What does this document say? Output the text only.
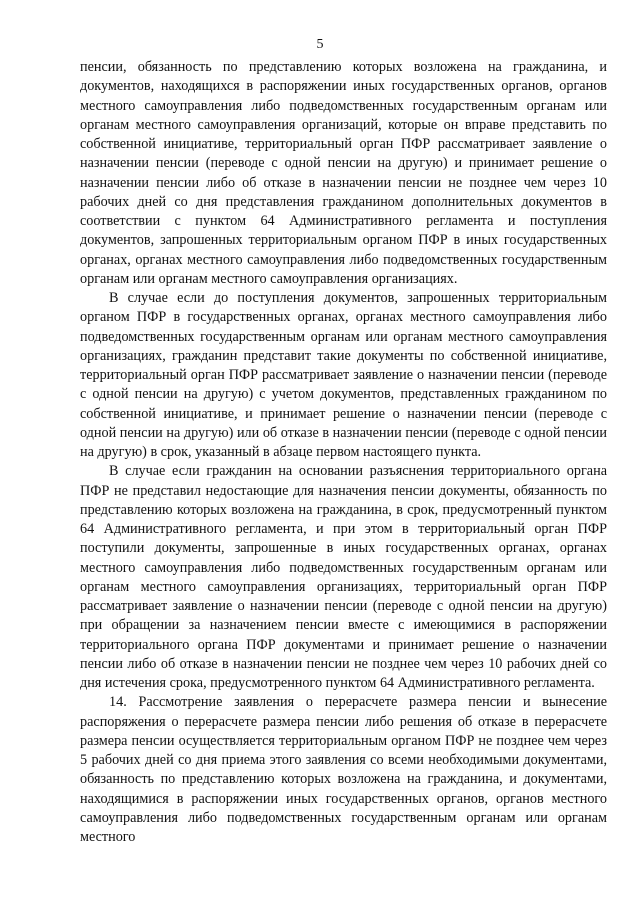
5

пенсии, обязанность по представлению которых возложена на гражданина, и документов, находящихся в распоряжении иных государственных органов, органов местного самоуправления либо подведомственных государственным органам или органам местного самоуправления организаций, которые он вправе представить по собственной инициативе, территориальный орган ПФР рассматривает заявление о назначении пенсии (переводе с одной пенсии на другую) и принимает решение о назначении пенсии либо об отказе в назначении пенсии не позднее чем через 10 рабочих дней со дня представления гражданином дополнительных документов в соответствии с пунктом 64 Административного регламента и поступления документов, запрошенных территориальным органом ПФР в иных государственных органах, органах местного самоуправления либо подведомственных государственным органам или органам местного самоуправления организациях.

В случае если до поступления документов, запрошенных территориальным органом ПФР в государственных органах, органах местного самоуправления либо подведомственных государственным органам или органам местного самоуправления организациях, гражданин представит такие документы по собственной инициативе, территориальный орган ПФР рассматривает заявление о назначении пенсии (переводе с одной пенсии на другую) с учетом документов, представленных гражданином по собственной инициативе, и принимает решение о назначении пенсии (переводе с одной пенсии на другую) или об отказе в назначении пенсии (переводе с одной пенсии на другую) в срок, указанный в абзаце первом настоящего пункта.

В случае если гражданин на основании разъяснения территориального органа ПФР не представил недостающие для назначения пенсии документы, обязанность по представлению которых возложена на гражданина, в срок, предусмотренный пунктом 64 Административного регламента, и при этом в территориальный орган ПФР поступили документы, запрошенные в иных государственных органах, органах местного самоуправления либо подведомственных государственным органам или органам местного самоуправления организациях, территориальный орган ПФР рассматривает заявление о назначении пенсии (переводе с одной пенсии на другую) при обращении за назначением пенсии вместе с имеющимися в распоряжении территориального органа ПФР документами и принимает решение о назначении пенсии либо об отказе в назначении пенсии не позднее чем через 10 рабочих дней со дня истечения срока, предусмотренного пунктом 64 Административного регламента.

14. Рассмотрение заявления о перерасчете размера пенсии и вынесение распоряжения о перерасчете размера пенсии либо решения об отказе в перерасчете размера пенсии осуществляется территориальным органом ПФР не позднее чем через 5 рабочих дней со дня приема этого заявления со всеми необходимыми документами, обязанность по представлению которых возложена на гражданина, и документами, находящимися в распоряжении иных государственных органов, органов местного самоуправления либо подведомственных государственным органам или органам местного
